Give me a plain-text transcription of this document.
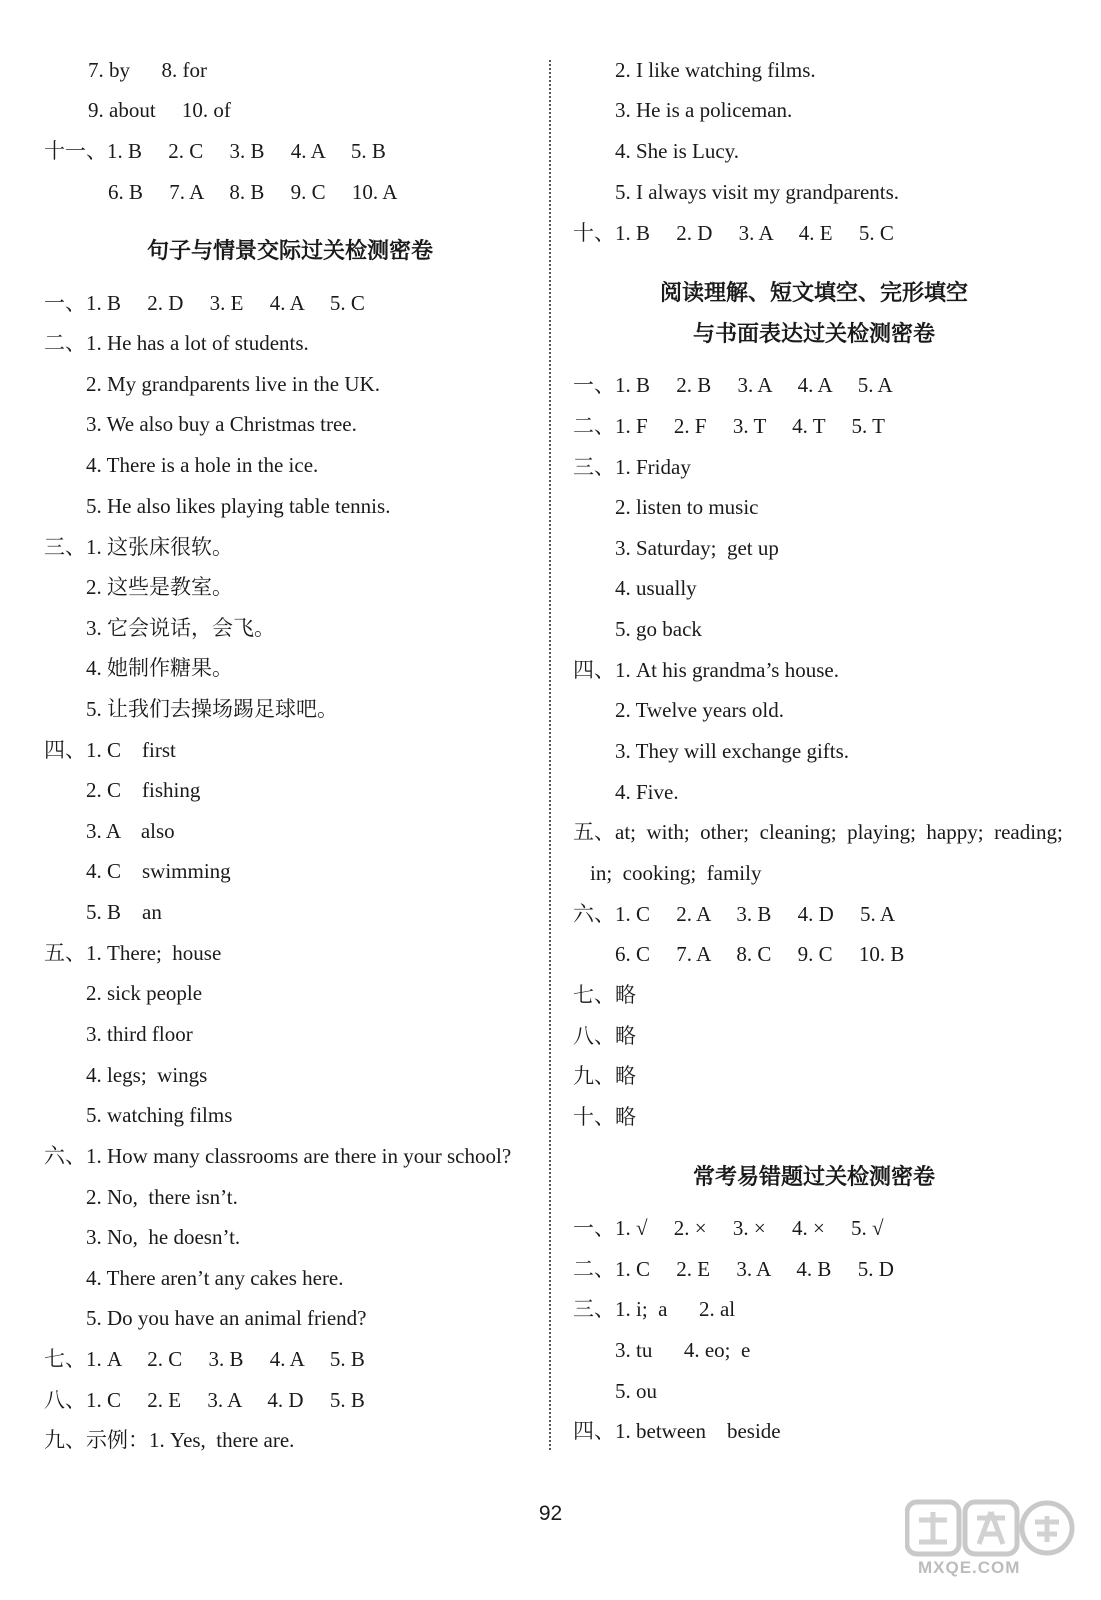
7. by      8. for
9. about     10. of
十一、1. B     2. C     3. B     4. A     5. B
6. B     7. A     8. B     9. C     10. A
句子与情景交际过关检测密卷
一、1. B     2. D     3. E     4. A     5. C
二、1. He has a lot of students.
2. My grandparents live in the UK.
3. We also buy a Christmas tree.
4. There is a hole in the ice.
5. He also likes playing table tennis.
三、1. 这张床很软。
2. 这些是教室。
3. 它会说话，会飞。
4. 她制作糖果。
5. 让我们去操场踢足球吧。
四、1. C    first
2. C    fishing
3. A    also
4. C    swimming
5. B    an
五、1. There;  house
2. sick people
3. third floor
4. legs;  wings
5. watching films
六、1. How many classrooms are there in your school?
2. No,  there isn’t.
3. No,  he doesn’t.
4. There aren’t any cakes here.
5. Do you have an animal friend?
七、1. A     2. C     3. B     4. A     5. B
八、1. C     2. E     3. A     4. D     5. B
九、示例：1. Yes,  there are.
2. I like watching films.
3. He is a policeman.
4. She is Lucy.
5. I always visit my grandparents.
十、1. B     2. D     3. A     4. E     5. C
阅读理解、短文填空、完形填空
与书面表达过关检测密卷
一、1. B     2. B     3. A     4. A     5. A
二、1. F     2. F     3. T     4. T     5. T
三、1. Friday
2. listen to music
3. Saturday;  get up
4. usually
5. go back
四、1. At his grandma’s house.
2. Twelve years old.
3. They will exchange gifts.
4. Five.
五、at;  with;  other;  cleaning;  playing;  happy;  reading;
in;  cooking;  family
六、1. C     2. A     3. B     4. D     5. A
6. C     7. A     8. C     9. C     10. B
七、略
八、略
九、略
十、略
常考易错题过关检测密卷
一、1. √     2. ×     3. ×     4. ×     5. √
二、1. C     2. E     3. A     4. B     5. D
三、1. i;  a      2. al
3. tu      4. eo;  e
5. ou
四、1. between    beside
92
MXQE.COM
